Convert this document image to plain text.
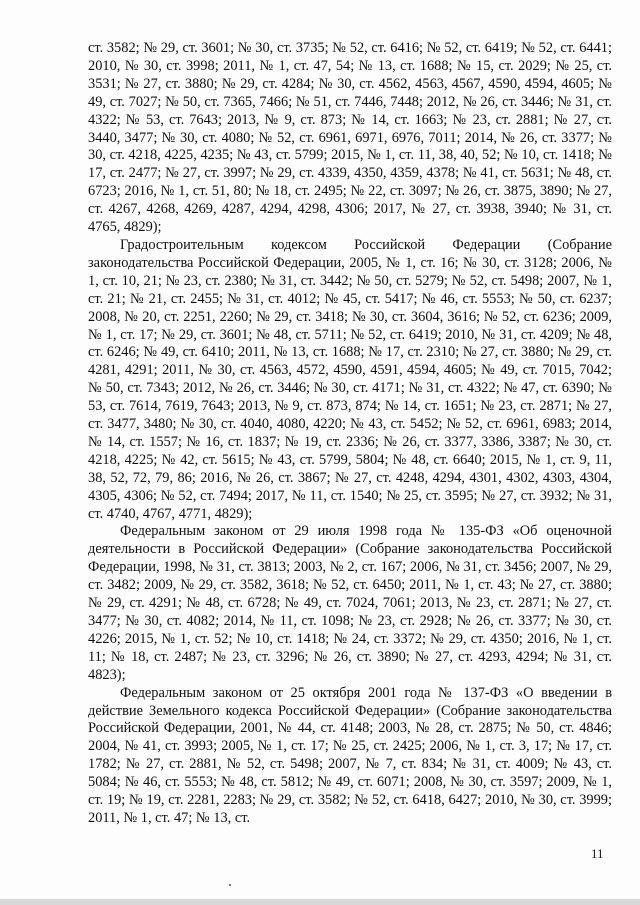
ст. 3582; № 29, ст. 3601; № 30, ст. 3735; № 52, ст. 6416; № 52, ст. 6419; № 52, ст. 6441; 2010, № 30, ст. 3998; 2011, № 1, ст. 47, 54; № 13, ст. 1688; № 15, ст. 2029; № 25, ст. 3531; № 27, ст. 3880; № 29, ст. 4284; № 30, ст. 4562, 4563, 4567, 4590, 4594, 4605; № 49, ст. 7027; № 50, ст. 7365, 7466; № 51, ст. 7446, 7448; 2012, № 26, ст. 3446; № 31, ст. 4322; № 53, ст. 7643; 2013, № 9, ст. 873; № 14, ст. 1663; № 23, ст. 2881; № 27, ст. 3440, 3477; № 30, ст. 4080; № 52, ст. 6961, 6971, 6976, 7011; 2014, № 26, ст. 3377; № 30, ст. 4218, 4225, 4235; № 43, ст. 5799; 2015, № 1, ст. 11, 38, 40, 52; № 10, ст. 1418; № 17, ст. 2477; № 27, ст. 3997; № 29, ст. 4339, 4350, 4359, 4378; № 41, ст. 5631; № 48, ст. 6723; 2016, № 1, ст. 51, 80; № 18, ст. 2495; № 22, ст. 3097; № 26, ст. 3875, 3890; № 27, ст. 4267, 4268, 4269, 4287, 4294, 4298, 4306; 2017, № 27, ст. 3938, 3940; № 31, ст. 4765, 4829);

Градостроительным кодексом Российской Федерации (Собрание законодательства Российской Федерации, 2005, № 1, ст. 16; № 30, ст. 3128; 2006, № 1, ст. 10, 21; № 23, ст. 2380; № 31, ст. 3442; № 50, ст. 5279; № 52, ст. 5498; 2007, № 1, ст. 21; № 21, ст. 2455; № 31, ст. 4012; № 45, ст. 5417; № 46, ст. 5553; № 50, ст. 6237; 2008, № 20, ст. 2251, 2260; № 29, ст. 3418; № 30, ст. 3604, 3616; № 52, ст. 6236; 2009, № 1, ст. 17; № 29, ст. 3601; № 48, ст. 5711; № 52, ст. 6419; 2010, № 31, ст. 4209; № 48, ст. 6246; № 49, ст. 6410; 2011, № 13, ст. 1688; № 17, ст. 2310; № 27, ст. 3880; № 29, ст. 4281, 4291; 2011, № 30, ст. 4563, 4572, 4590, 4591, 4594, 4605; № 49, ст. 7015, 7042; № 50, ст. 7343; 2012, № 26, ст. 3446; № 30, ст. 4171; № 31, ст. 4322; № 47, ст. 6390; № 53, ст. 7614, 7619, 7643; 2013, № 9, ст. 873, 874; № 14, ст. 1651; № 23, ст. 2871; № 27, ст. 3477, 3480; № 30, ст. 4040, 4080, 4220; № 43, ст. 5452; № 52, ст. 6961, 6983; 2014, № 14, ст. 1557; № 16, ст. 1837; № 19, ст. 2336; № 26, ст. 3377, 3386, 3387; № 30, ст. 4218, 4225; № 42, ст. 5615; № 43, ст. 5799, 5804; № 48, ст. 6640; 2015, № 1, ст. 9, 11, 38, 52, 72, 79, 86; 2016, № 26, ст. 3867; № 27, ст. 4248, 4294, 4301, 4302, 4303, 4304, 4305, 4306; № 52, ст. 7494; 2017, № 11, ст. 1540; № 25, ст. 3595; № 27, ст. 3932; № 31, ст. 4740, 4767, 4771, 4829);

Федеральным законом от 29 июля 1998 года № 135-ФЗ «Об оценочной деятельности в Российской Федерации» (Собрание законодательства Российской Федерации, 1998, № 31, ст. 3813; 2003, № 2, ст. 167; 2006, № 31, ст. 3456; 2007, № 29, ст. 3482; 2009, № 29, ст. 3582, 3618; № 52, ст. 6450; 2011, № 1, ст. 43; № 27, ст. 3880; № 29, ст. 4291; № 48, ст. 6728; № 49, ст. 7024, 7061; 2013, № 23, ст. 2871; № 27, ст. 3477; № 30, ст. 4082; 2014, № 11, ст. 1098; № 23, ст. 2928; № 26, ст. 3377; № 30, ст. 4226; 2015, № 1, ст. 52; № 10, ст. 1418; № 24, ст. 3372; № 29, ст. 4350; 2016, № 1, ст. 11; № 18, ст. 2487; № 23, ст. 3296; № 26, ст. 3890; № 27, ст. 4293, 4294; № 31, ст. 4823);

Федеральным законом от 25 октября 2001 года № 137-ФЗ «О введении в действие Земельного кодекса Российской Федерации» (Собрание законодательства Российской Федерации, 2001, № 44, ст. 4148; 2003, № 28, ст. 2875; № 50, ст. 4846; 2004, № 41, ст. 3993; 2005, № 1, ст. 17; № 25, ст. 2425; 2006, № 1, ст. 3, 17; № 17, ст. 1782; № 27, ст. 2881, № 52, ст. 5498; 2007, № 7, ст. 834; № 31, ст. 4009; № 43, ст. 5084; № 46, ст. 5553; № 48, ст. 5812; № 49, ст. 6071; 2008, № 30, ст. 3597; 2009, № 1, ст. 19; № 19, ст. 2281, 2283; № 29, ст. 3582; № 52, ст. 6418, 6427; 2010, № 30, ст. 3999; 2011, № 1, ст. 47; № 13, ст.

11
